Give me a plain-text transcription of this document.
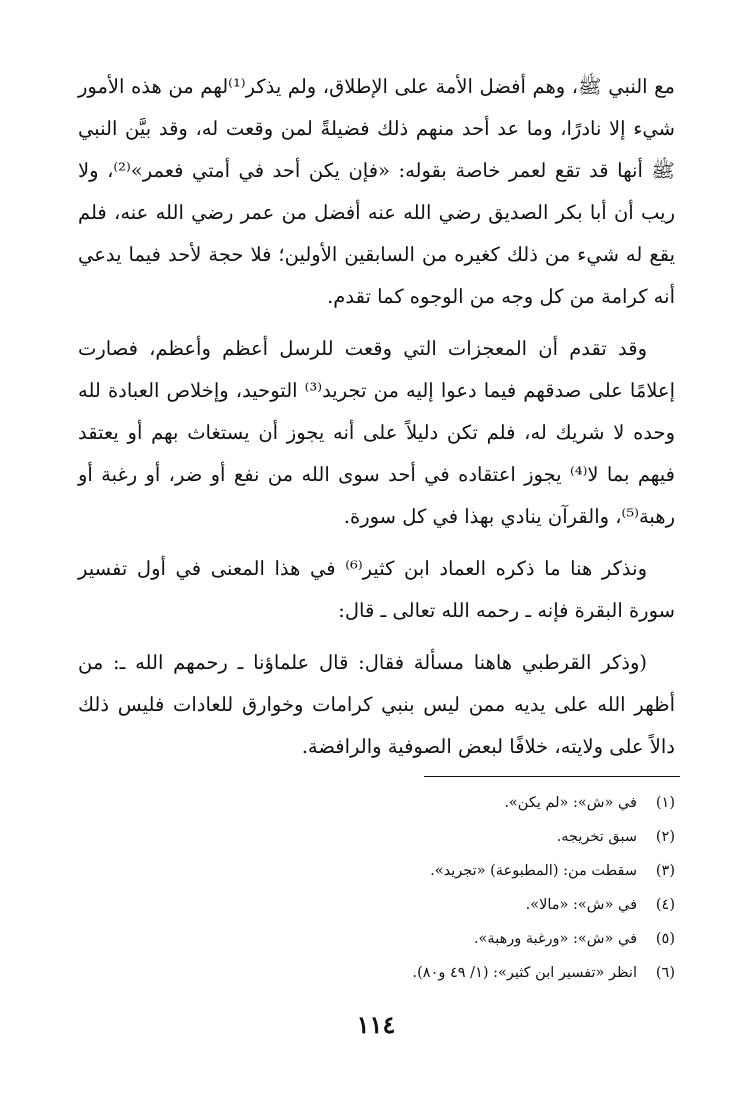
مع النبي ﷺ، وهم أفضل الأمة على الإطلاق، ولم يذكر⁽¹⁾لهم من هذه الأمور شيء إلا نادرًا، وما عد أحد منهم ذلك فضيلةً لمن وقعت له، وقد بيَّن النبي ﷺ أنها قد تقع لعمر خاصة بقوله: «فإن يكن أحد في أمتي فعمر»⁽²⁾، ولا ريب أن أبا بكر الصديق رضي الله عنه أفضل من عمر رضي الله عنه، فلم يقع له شيء من ذلك كغيره من السابقين الأولين؛ فلا حجة لأحد فيما يدعي أنه كرامة من كل وجه من الوجوه كما تقدم.

وقد تقدم أن المعجزات التي وقعت للرسل أعظم وأعظم، فصارت إعلامًا على صدقهم فيما دعوا إليه من تجريد⁽³⁾ التوحيد، وإخلاص العبادة لله وحده لا شريك له، فلم تكن دليلاً على أنه يجوز أن يستغاث بهم أو يعتقد فيهم بما لا⁽⁴⁾ يجوز اعتقاده في أحد سوى الله من نفع أو ضر، أو رغبة أو رهبة⁽⁵⁾، والقرآن ينادي بهذا في كل سورة.

ونذكر هنا ما ذكره العماد ابن كثير⁽⁶⁾ في هذا المعنى في أول تفسير سورة البقرة فإنه ـ رحمه الله تعالى ـ قال:

(وذكر القرطبي هاهنا مسألة فقال: قال علماؤنا ـ رحمهم الله ـ: من أظهر الله على يديه ممن ليس بنبي كرامات وخوارق للعادات فليس ذلك دالاً على ولايته، خلافًا لبعض الصوفية والرافضة.

(١)
في «ش»: «لم يكن».
(٢)
سبق تخريجه.
(٣)
سقطت من: (المطبوعة) «تجريد».
(٤)
في «ش»: «مالا».
(٥)
في «ش»: «ورغبة ورهبة».
(٦)
انظر «تفسير ابن كثير»: (١/ ٤٩ و٨٠).
١١٤
